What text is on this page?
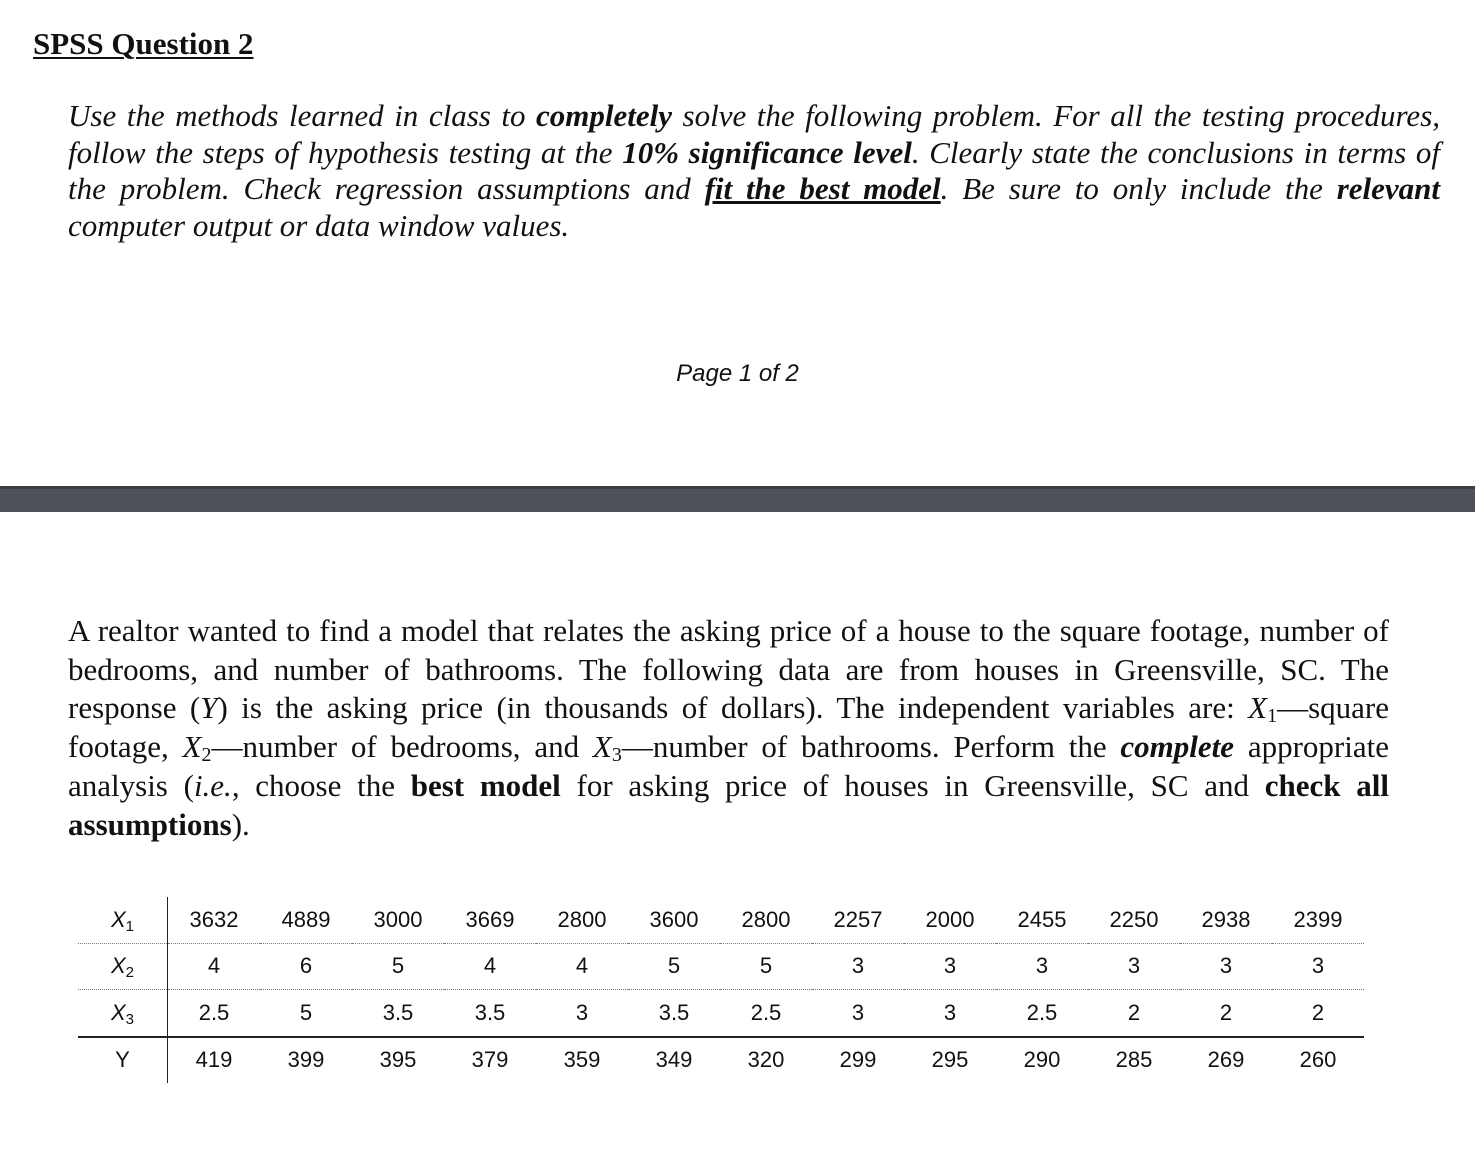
SPSS Question 2
Use the methods learned in class to completely solve the following problem. For all the testing procedures, follow the steps of hypothesis testing at the 10% significance level. Clearly state the conclusions in terms of the problem. Check regression assumptions and fit the best model. Be sure to only include the relevant computer output or data window values.
Page 1 of 2
A realtor wanted to find a model that relates the asking price of a house to the square footage, number of bedrooms, and number of bathrooms. The following data are from houses in Greensville, SC. The response (Y) is the asking price (in thousands of dollars). The independent variables are: $X_1—square$ footage, $X_2—number$ of bedrooms, and $X_3—number$ of bathrooms. Perform the complete appropriate analysis (i.e., choose the best model for asking price of houses in Greensville, SC and check all assumptions).
$X_1$	3632	4889	3000	3669	2800	3600	2800	2257	2000	2455	2250	2938	2399
$X_2$	4	6	5	4	4	5	5	3	3	3	3	3	3
$X_3$	2.5	5	3.5	3.5	3	3.5	2.5	3	3	2.5	2	2	2
Y	419	399	395	379	359	349	320	299	295	290	285	269	260
